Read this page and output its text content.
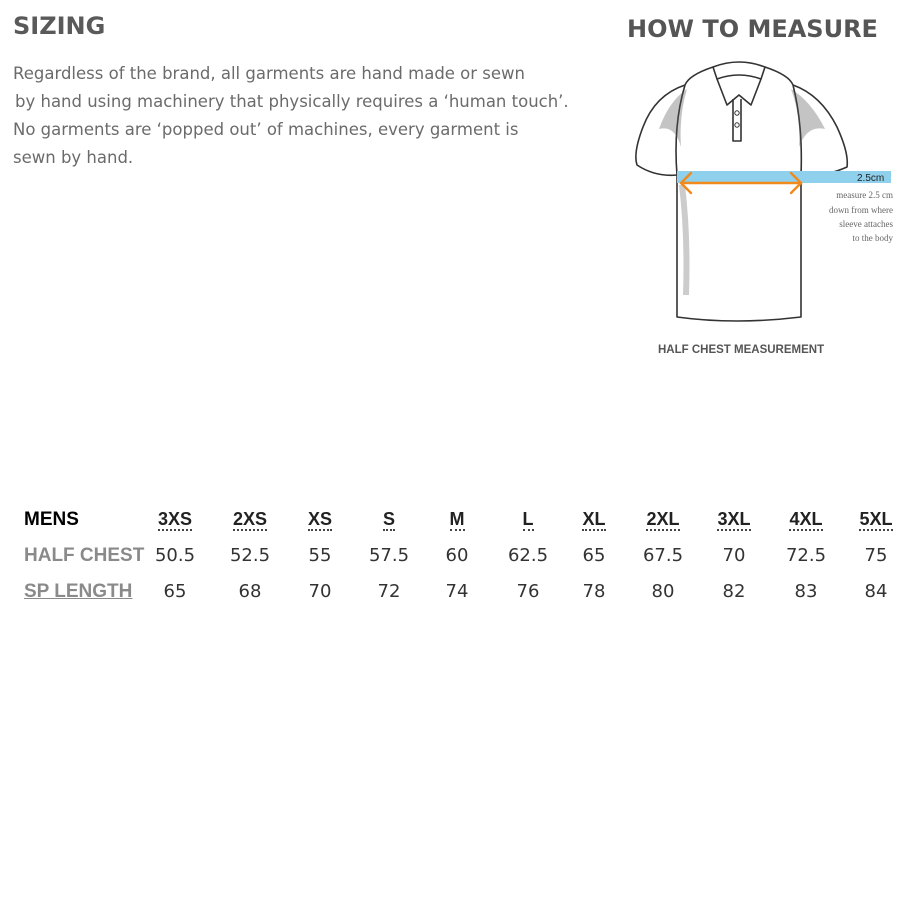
SIZING
Regardless of the brand, all garments are hand made or sewn
by hand using machinery that physically requires a ‘human touch’.
No garments are ‘popped out’ of machines, every garment is
sewn by hand.
HOW TO MEASURE
2.5cm
measure 2.5 cm
down from where
sleeve attaches
to the body
HALF CHEST MEASUREMENT
MENS	3XS	2XS	XS	S	M	L	XL	2XL	3XL	4XL	5XL
HALF CHEST 50.5	52.5	55	57.5	60	62.5	65	67.5	70	72.5	75
SP LENGTH	65	68	70	72	74	76	78	80	82	83	84
